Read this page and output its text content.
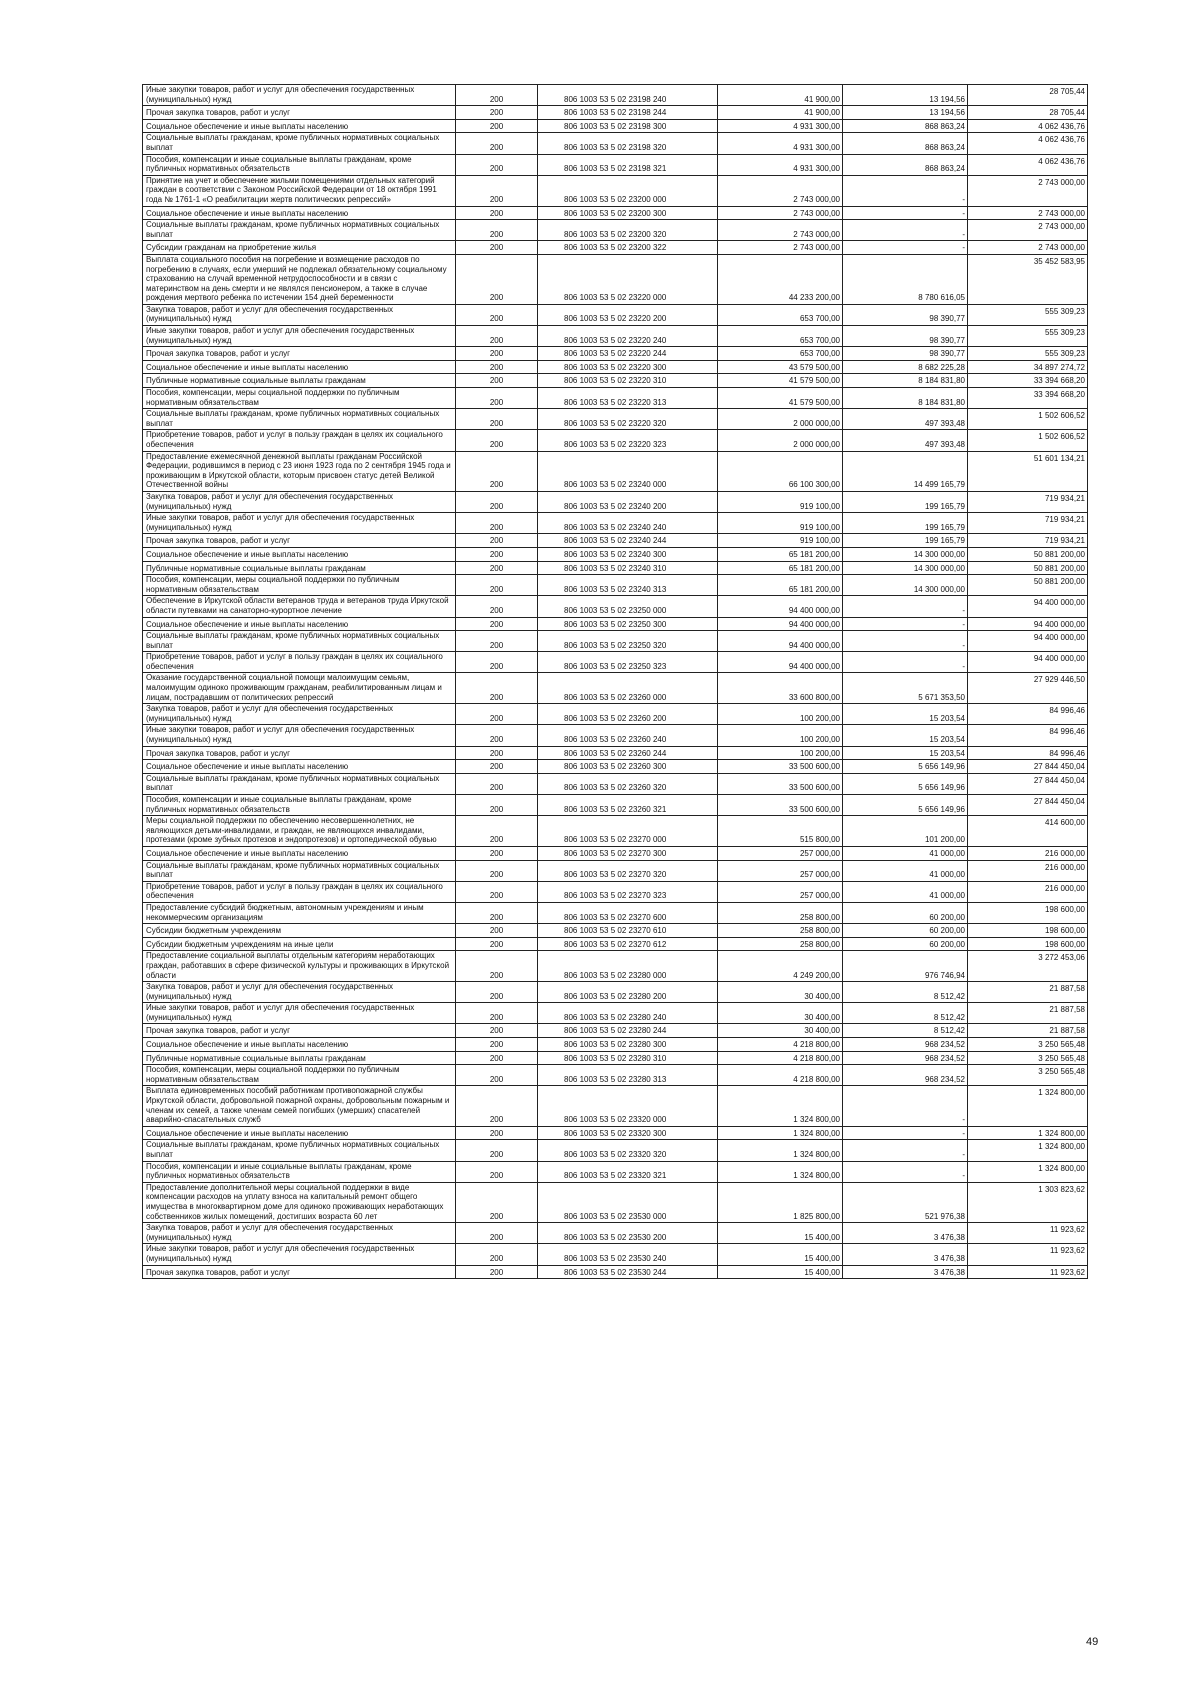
Иные закупки товаров, работ и услуг для обеспечения государственных (муниципальных) нужд	200	806 1003 53 5 02 23198 240	41 900,00	13 194,56	28 705,44
Прочая закупка товаров, работ и услуг	200	806 1003 53 5 02 23198 244	41 900,00	13 194,56	28 705,44
Социальное обеспечение и иные выплаты населению	200	806 1003 53 5 02 23198 300	4 931 300,00	868 863,24	4 062 436,76
Социальные выплаты гражданам, кроме публичных нормативных социальных выплат	200	806 1003 53 5 02 23198 320	4 931 300,00	868 863,24	4 062 436,76
Пособия, компенсации и иные социальные выплаты гражданам, кроме публичных нормативных обязательств	200	806 1003 53 5 02 23198 321	4 931 300,00	868 863,24	4 062 436,76
Принятие на учет и обеспечение жильми помещениями отдельных категорий граждан в соответствии с Законом Российской Федерации от 18 октября 1991 года № 1761-1 «О реабилитации жертв политических репрессий»	200	806 1003 53 5 02 23200 000	2 743 000,00	-	2 743 000,00
Социальное обеспечение и иные выплаты населению	200	806 1003 53 5 02 23200 300	2 743 000,00	-	2 743 000,00
Социальные выплаты гражданам, кроме публичных нормативных социальных выплат	200	806 1003 53 5 02 23200 320	2 743 000,00	-	2 743 000,00
Субсидии гражданам на приобретение жилья	200	806 1003 53 5 02 23200 322	2 743 000,00	-	2 743 000,00
Выплата социального пособия на погребение и возмещение расходов по погребению в случаях, если умерший не подлежал обязательному социальному страхованию на случай временной нетрудоспособности и в связи с материнством на день смерти и не являлся пенсионером, а также в случае рождения мертвого ребенка по истечении 154 дней беременности	200	806 1003 53 5 02 23220 000	44 233 200,00	8 780 616,05	35 452 583,95
Закупка товаров, работ и услуг для обеспечения государственных (муниципальных) нужд	200	806 1003 53 5 02 23220 200	653 700,00	98 390,77	555 309,23
Иные закупки товаров, работ и услуг для обеспечения государственных (муниципальных) нужд	200	806 1003 53 5 02 23220 240	653 700,00	98 390,77	555 309,23
Прочая закупка товаров, работ и услуг	200	806 1003 53 5 02 23220 244	653 700,00	98 390,77	555 309,23
Социальное обеспечение и иные выплаты населению	200	806 1003 53 5 02 23220 300	43 579 500,00	8 682 225,28	34 897 274,72
Публичные нормативные социальные выплаты гражданам	200	806 1003 53 5 02 23220 310	41 579 500,00	8 184 831,80	33 394 668,20
Пособия, компенсации, меры социальной поддержки по публичным нормативным обязательствам	200	806 1003 53 5 02 23220 313	41 579 500,00	8 184 831,80	33 394 668,20
Социальные выплаты гражданам, кроме публичных нормативных социальных выплат	200	806 1003 53 5 02 23220 320	2 000 000,00	497 393,48	1 502 606,52
Приобретение товаров, работ и услуг в пользу граждан в целях их социального обеспечения	200	806 1003 53 5 02 23220 323	2 000 000,00	497 393,48	1 502 606,52
Предоставление ежемесячной денежной выплаты гражданам Российской Федерации, родившимся в период с 23 июня 1923 года по 2 сентября 1945 года и проживающим в Иркутской области, которым присвоен статус детей Великой Отечественной войны	200	806 1003 53 5 02 23240 000	66 100 300,00	14 499 165,79	51 601 134,21
Закупка товаров, работ и услуг для обеспечения государственных (муниципальных) нужд	200	806 1003 53 5 02 23240 200	919 100,00	199 165,79	719 934,21
Иные закупки товаров, работ и услуг для обеспечения государственных (муниципальных) нужд	200	806 1003 53 5 02 23240 240	919 100,00	199 165,79	719 934,21
Прочая закупка товаров, работ и услуг	200	806 1003 53 5 02 23240 244	919 100,00	199 165,79	719 934,21
Социальное обеспечение и иные выплаты населению	200	806 1003 53 5 02 23240 300	65 181 200,00	14 300 000,00	50 881 200,00
Публичные нормативные социальные выплаты гражданам	200	806 1003 53 5 02 23240 310	65 181 200,00	14 300 000,00	50 881 200,00
Пособия, компенсации, меры социальной поддержки по публичным нормативным обязательствам	200	806 1003 53 5 02 23240 313	65 181 200,00	14 300 000,00	50 881 200,00
Обеспечение в Иркутской области ветеранов труда и ветеранов труда Иркутской области путевками на санаторно-курортное лечение	200	806 1003 53 5 02 23250 000	94 400 000,00	-	94 400 000,00
Социальное обеспечение и иные выплаты населению	200	806 1003 53 5 02 23250 300	94 400 000,00	-	94 400 000,00
Социальные выплаты гражданам, кроме публичных нормативных социальных выплат	200	806 1003 53 5 02 23250 320	94 400 000,00	-	94 400 000,00
Приобретение товаров, работ и услуг в пользу граждан в целях их социального обеспечения	200	806 1003 53 5 02 23250 323	94 400 000,00	-	94 400 000,00
Оказание государственной социальной помощи малоимущим семьям, малоимущим одиноко проживающим гражданам, реабилитированным лицам и лицам, пострадавшим от политических репрессий	200	806 1003 53 5 02 23260 000	33 600 800,00	5 671 353,50	27 929 446,50
Закупка товаров, работ и услуг для обеспечения государственных (муниципальных) нужд	200	806 1003 53 5 02 23260 200	100 200,00	15 203,54	84 996,46
Иные закупки товаров, работ и услуг для обеспечения государственных (муниципальных) нужд	200	806 1003 53 5 02 23260 240	100 200,00	15 203,54	84 996,46
Прочая закупка товаров, работ и услуг	200	806 1003 53 5 02 23260 244	100 200,00	15 203,54	84 996,46
Социальное обеспечение и иные выплаты населению	200	806 1003 53 5 02 23260 300	33 500 600,00	5 656 149,96	27 844 450,04
Социальные выплаты гражданам, кроме публичных нормативных социальных выплат	200	806 1003 53 5 02 23260 320	33 500 600,00	5 656 149,96	27 844 450,04
Пособия, компенсации и иные социальные выплаты гражданам, кроме публичных нормативных обязательств	200	806 1003 53 5 02 23260 321	33 500 600,00	5 656 149,96	27 844 450,04
Меры социальной поддержки по обеспечению несовершеннолетних, не являющихся детьми-инвалидами, и граждан, не являющихся инвалидами, протезами (кроме зубных протезов и эндопротезов) и ортопедической обувью	200	806 1003 53 5 02 23270 000	515 800,00	101 200,00	414 600,00
Социальное обеспечение и иные выплаты населению	200	806 1003 53 5 02 23270 300	257 000,00	41 000,00	216 000,00
Социальные выплаты гражданам, кроме публичных нормативных социальных выплат	200	806 1003 53 5 02 23270 320	257 000,00	41 000,00	216 000,00
Приобретение товаров, работ и услуг в пользу граждан в целях их социального обеспечения	200	806 1003 53 5 02 23270 323	257 000,00	41 000,00	216 000,00
Предоставление субсидий бюджетным, автономным учреждениям и иным некоммерческим организациям	200	806 1003 53 5 02 23270 600	258 800,00	60 200,00	198 600,00
Субсидии бюджетным учреждениям	200	806 1003 53 5 02 23270 610	258 800,00	60 200,00	198 600,00
Субсидии бюджетным учреждениям на иные цели	200	806 1003 53 5 02 23270 612	258 800,00	60 200,00	198 600,00
Предоставление социальной выплаты отдельным категориям неработающих граждан, работавших в сфере физической культуры и проживающих в Иркутской области	200	806 1003 53 5 02 23280 000	4 249 200,00	976 746,94	3 272 453,06
Закупка товаров, работ и услуг для обеспечения государственных (муниципальных) нужд	200	806 1003 53 5 02 23280 200	30 400,00	8 512,42	21 887,58
Иные закупки товаров, работ и услуг для обеспечения государственных (муниципальных) нужд	200	806 1003 53 5 02 23280 240	30 400,00	8 512,42	21 887,58
Прочая закупка товаров, работ и услуг	200	806 1003 53 5 02 23280 244	30 400,00	8 512,42	21 887,58
Социальное обеспечение и иные выплаты населению	200	806 1003 53 5 02 23280 300	4 218 800,00	968 234,52	3 250 565,48
Публичные нормативные социальные выплаты гражданам	200	806 1003 53 5 02 23280 310	4 218 800,00	968 234,52	3 250 565,48
Пособия, компенсации, меры социальной поддержки по публичным нормативным обязательствам	200	806 1003 53 5 02 23280 313	4 218 800,00	968 234,52	3 250 565,48
Выплата единовременных пособий работникам противопожарной службы Иркутской области, добровольной пожарной охраны, добровольным пожарным и членам их семей, а также членам семей погибших (умерших) спасателей аварийно-спасательных служб	200	806 1003 53 5 02 23320 000	1 324 800,00	-	1 324 800,00
Социальное обеспечение и иные выплаты населению	200	806 1003 53 5 02 23320 300	1 324 800,00	-	1 324 800,00
Социальные выплаты гражданам, кроме публичных нормативных социальных выплат	200	806 1003 53 5 02 23320 320	1 324 800,00	-	1 324 800,00
Пособия, компенсации и иные социальные выплаты гражданам, кроме публичных нормативных обязательств	200	806 1003 53 5 02 23320 321	1 324 800,00	-	1 324 800,00
Предоставление дополнительной меры социальной поддержки в виде компенсации расходов на уплату взноса на капитальный ремонт общего имущества в многоквартирном доме для одиноко проживающих неработающих собственников жилых помещений, достигших возраста 60 лет	200	806 1003 53 5 02 23530 000	1 825 800,00	521 976,38	1 303 823,62
Закупка товаров, работ и услуг для обеспечения государственных (муниципальных) нужд	200	806 1003 53 5 02 23530 200	15 400,00	3 476,38	11 923,62
Иные закупки товаров, работ и услуг для обеспечения государственных (муниципальных) нужд	200	806 1003 53 5 02 23530 240	15 400,00	3 476,38	11 923,62
Прочая закупка товаров, работ и услуг	200	806 1003 53 5 02 23530 244	15 400,00	3 476,38	11 923,62
49
